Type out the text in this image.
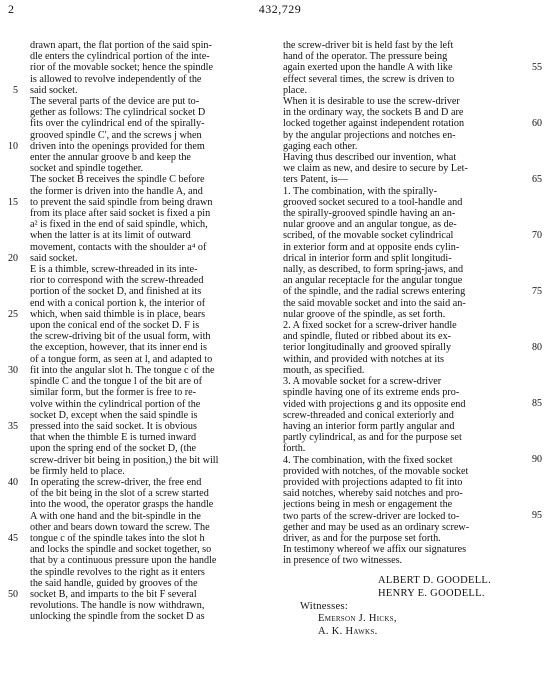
2	432,729
drawn apart, the flat portion of the said spin-
dle enters the cylindrical portion of the inte-
rior of the movable socket; hence the spindle
is allowed to revolve independently of the
said socket.
The several parts of the device are put to-
gether as follows: The cylindrical socket D
fits over the cylindrical end of the spirally-
grooved spindle C', and the screws j when
driven into the openings provided for them
enter the annular groove b and keep the
socket and spindle together.
The socket B receives the spindle C before
the former is driven into the handle A, and
to prevent the said spindle from being drawn
from its place after said socket is fixed a pin
a² is fixed in the end of said spindle, which,
when the latter is at its limit of outward
movement, contacts with the shoulder a⁴ of
said socket.
E is a thimble, screw-threaded in its inte-
rior to correspond with the screw-threaded
portion of the socket D, and finished at its
end with a conical portion k, the interior of
which, when said thimble is in place, bears
upon the conical end of the socket D. F is
the screw-driving bit of the usual form, with
the exception, however, that its inner end is
of a tongue form, as seen at l, and adapted to
fit into the angular slot h. The tongue c of the
spindle C and the tongue l of the bit are of
similar form, but the former is free to re-
volve within the cylindrical portion of the
socket D, except when the said spindle is
pressed into the said socket. It is obvious
that when the thimble E is turned inward
upon the spring end of the socket D, (the
screw-driver bit being in position,) the bit will
be firmly held to place.
In operating the screw-driver, the free end
of the bit being in the slot of a screw started
into the wood, the operator grasps the handle
A with one hand and the bit-spindle in the
other and bears down toward the screw. The
tongue c of the spindle takes into the slot h
and locks the spindle and socket together, so
that by a continuous pressure upon the handle
the spindle revolves to the right as it enters
the said handle, guided by grooves of the
socket B, and imparts to the bit F several
revolutions. The handle is now withdrawn,
unlocking the spindle from the socket D as
the screw-driver bit is held fast by the left
hand of the operator. The pressure being
again exerted upon the handle A with like
effect several times, the screw is driven to
place.
When it is desirable to use the screw-driver
in the ordinary way, the sockets B and D are
locked together against independent rotation
by the angular projections and notches en-
gaging each other.
Having thus described our invention, what
we claim as new, and desire to secure by Let-
ters Patent, is—
1. The combination, with the spirally-
grooved socket secured to a tool-handle and
the spirally-grooved spindle having an an-
nular groove and an angular tongue, as de-
scribed, of the movable socket cylindrical
in exterior form and at opposite ends cylin-
drical in interior form and split longitudi-
nally, as described, to form spring-jaws, and
an angular receptacle for the angular tongue
of the spindle, and the radial screws entering
the said movable socket and into the said an-
nular groove of the spindle, as set forth.
2. A fixed socket for a screw-driver handle
and spindle, fluted or ribbed about its ex-
terior longitudinally and grooved spirally
within, and provided with notches at its
mouth, as specified.
3. A movable socket for a screw-driver
spindle having one of its extreme ends pro-
vided with projections g and its opposite end
screw-threaded and conical exteriorly and
having an interior form partly angular and
partly cylindrical, as and for the purpose set
forth.
4. The combination, with the fixed socket
provided with notches, of the movable socket
provided with projections adapted to fit into
said notches, whereby said notches and pro-
jections being in mesh or engagement the
two parts of the screw-driver are locked to-
gether and may be used as an ordinary screw-
driver, as and for the purpose set forth.
In testimony whereof we affix our signatures
in presence of two witnesses.
5
10
15
20
25
30
35
40
45
50
55
60
65
70
75
80
85
90
95
ALBERT D. GOODELL.
HENRY E. GOODELL.
Witnesses:
Emerson J. Hicks,
A. K. Hawks.
